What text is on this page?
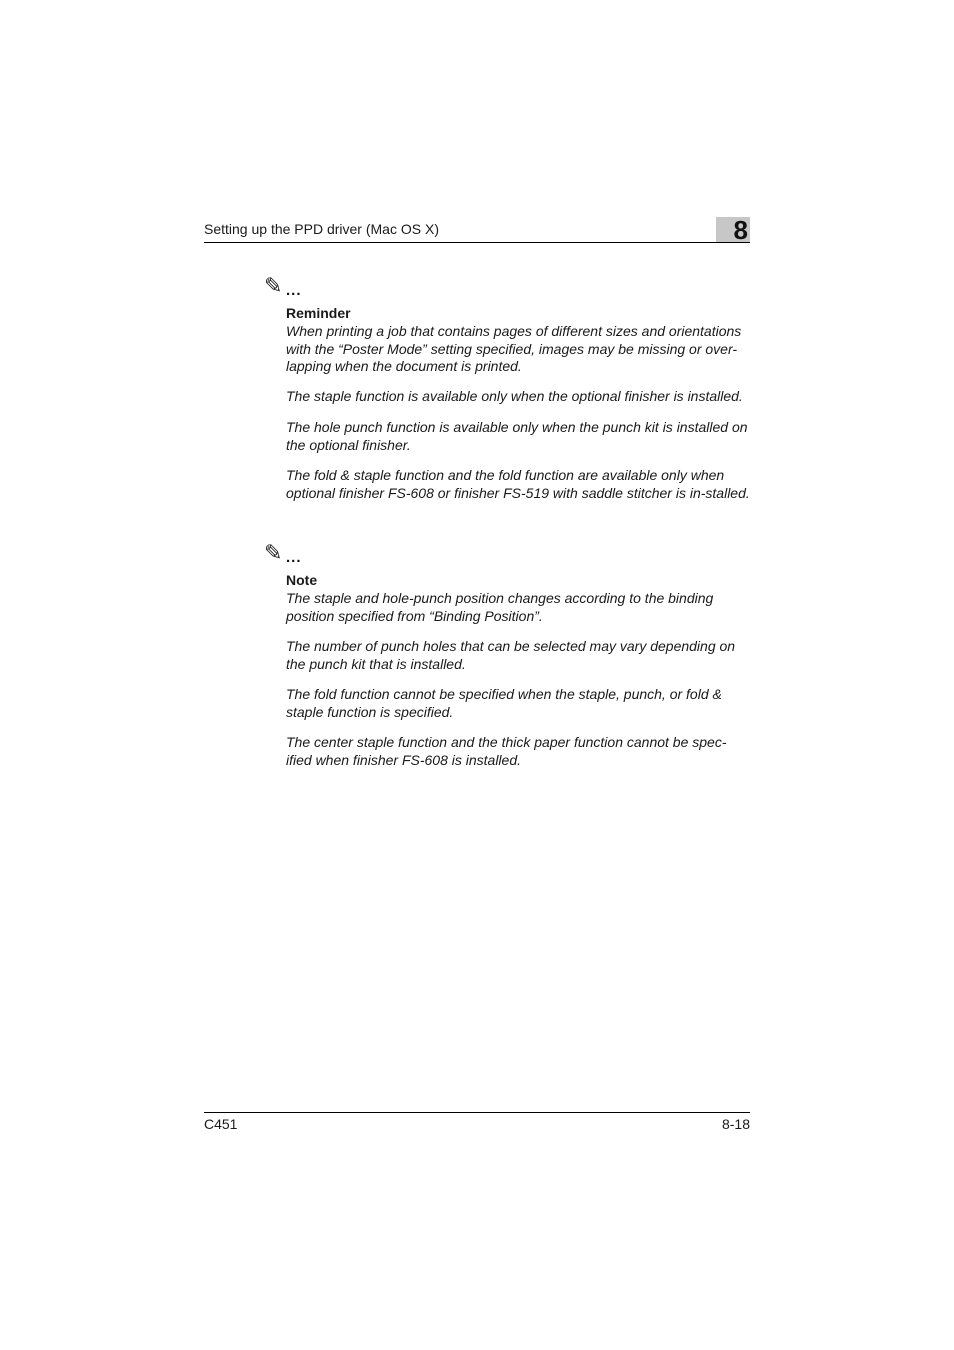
Setting up the PPD driver (Mac OS X)	8
✎ ...
Reminder

When printing a job that contains pages of different sizes and orientations with the “Poster Mode” setting specified, images may be missing or over-lapping when the document is printed.

The staple function is available only when the optional finisher is installed.

The hole punch function is available only when the punch kit is installed on the optional finisher.

The fold & staple function and the fold function are available only when optional finisher FS-608 or finisher FS-519 with saddle stitcher is in-stalled.

✎ ...
Note

The staple and hole-punch position changes according to the binding position specified from “Binding Position”.

The number of punch holes that can be selected may vary depending on the punch kit that is installed.

The fold function cannot be specified when the staple, punch, or fold & staple function is specified.

The center staple function and the thick paper function cannot be spec-ified when finisher FS-608 is installed.

C451	8-18
